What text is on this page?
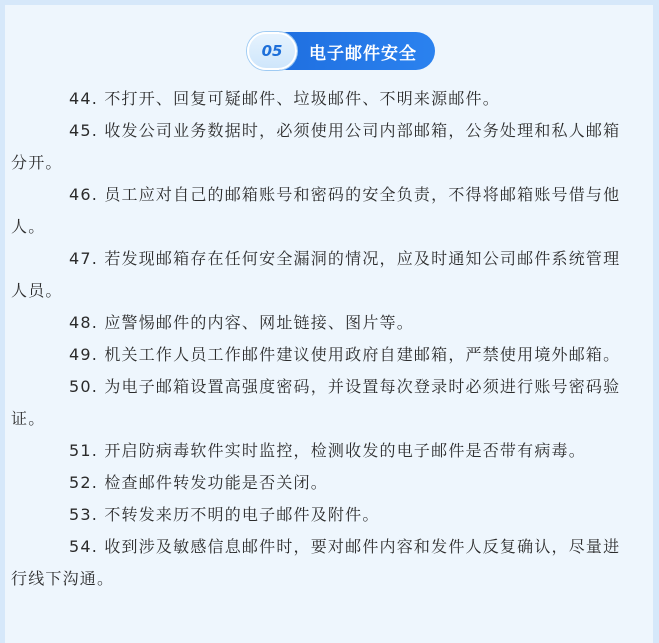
05	电子邮件安全

44. 不打开、回复可疑邮件、垃圾邮件、不明来源邮件。

45. 收发公司业务数据时，必须使用公司内部邮箱，公务处理和私人邮箱分开。

46. 员工应对自己的邮箱账号和密码的安全负责，不得将邮箱账号借与他人。

47. 若发现邮箱存在任何安全漏洞的情况，应及时通知公司邮件系统管理人员。

48. 应警惕邮件的内容、网址链接、图片等。

49. 机关工作人员工作邮件建议使用政府自建邮箱，严禁使用境外邮箱。

50. 为电子邮箱设置高强度密码，并设置每次登录时必须进行账号密码验证。

51. 开启防病毒软件实时监控，检测收发的电子邮件是否带有病毒。

52. 检查邮件转发功能是否关闭。

53. 不转发来历不明的电子邮件及附件。

54. 收到涉及敏感信息邮件时，要对邮件内容和发件人反复确认，尽量进行线下沟通。
